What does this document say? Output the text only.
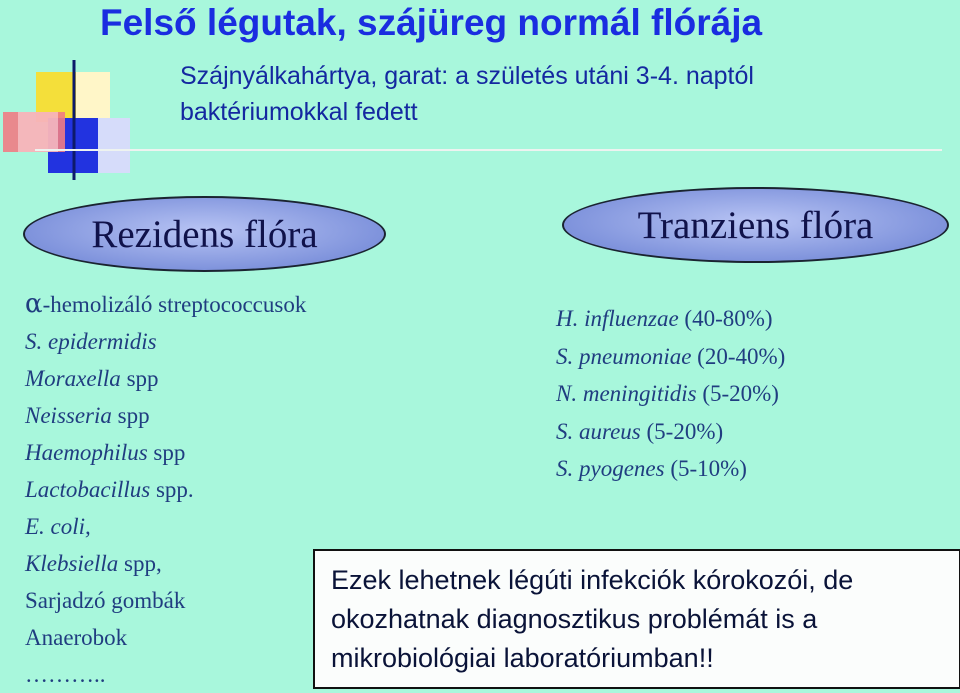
Felső légutak, szájüreg normál flórája
Szájnyálkahártya, garat: a születés utáni 3-4. naptól
baktériumokkal fedett
Rezidens flóra	Tranziens flóra
α-hemolizáló streptococcusok
S. epidermidis
Moraxella spp
Neisseria spp
Haemophilus spp
Lactobacillus spp.
E. coli,
Klebsiella spp,
Sarjadzó gombák
Anaerobok
………..
H. influenzae (40-80%)
S. pneumoniae (20-40%)
N. meningitidis (5-20%)
S. aureus (5-20%)
S. pyogenes (5-10%)
Ezek lehetnek légúti infekciók kórokozói, de
okozhatnak diagnosztikus problémát is a
mikrobiológiai laboratóriumban!!
